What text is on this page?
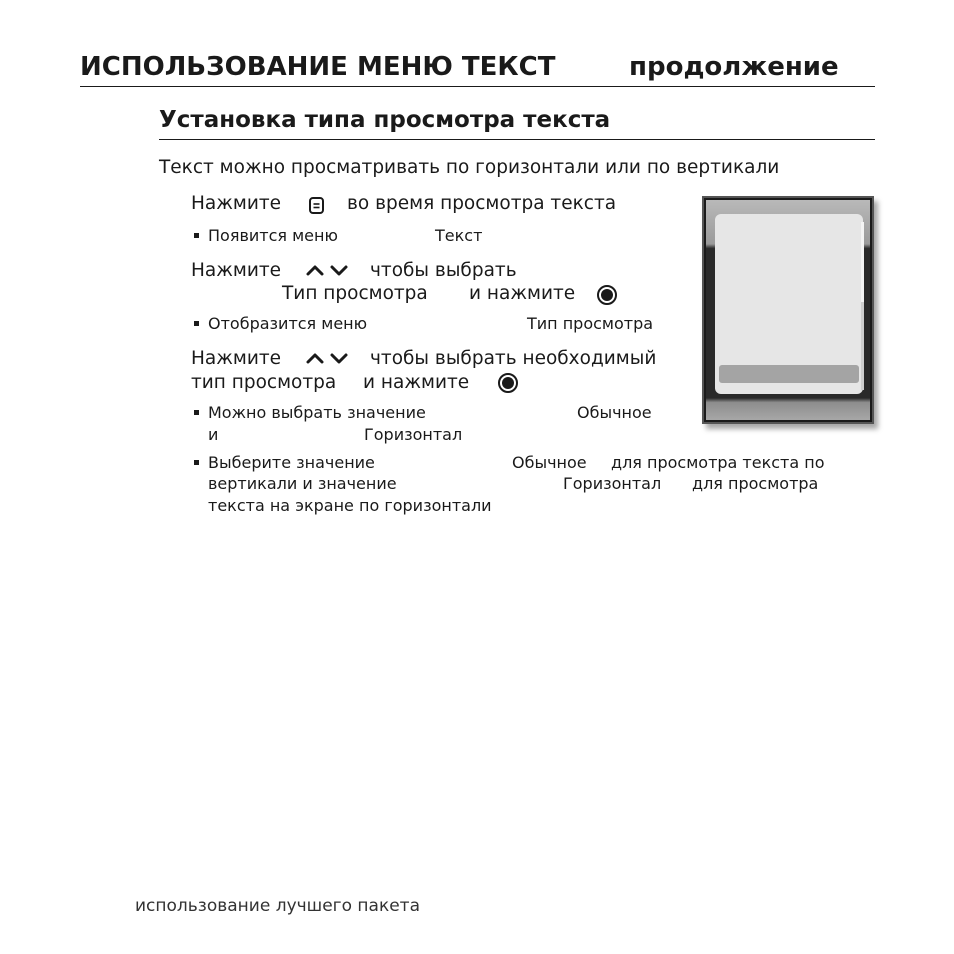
ИСПОЛЬЗОВАНИЕ МЕНЮ ТЕКСТ	продолжение
Установка типа просмотра текста
Текст можно просматривать по горизонтали или по вертикали
Нажмите	во время просмотра текста
Появится меню	Текст
Нажмите	чтобы выбрать
Тип просмотра и нажмите
Отобразится меню	Тип просмотра
Нажмите	чтобы выбрать необходимый
тип просмотра и нажмите
Можно выбрать значение	Обычное
и	Горизонтал
Выберите значение	Обычное для просмотра текста по
вертикали и значение	Горизонтал для просмотра
текста на экране по горизонтали
использование лучшего пакета
